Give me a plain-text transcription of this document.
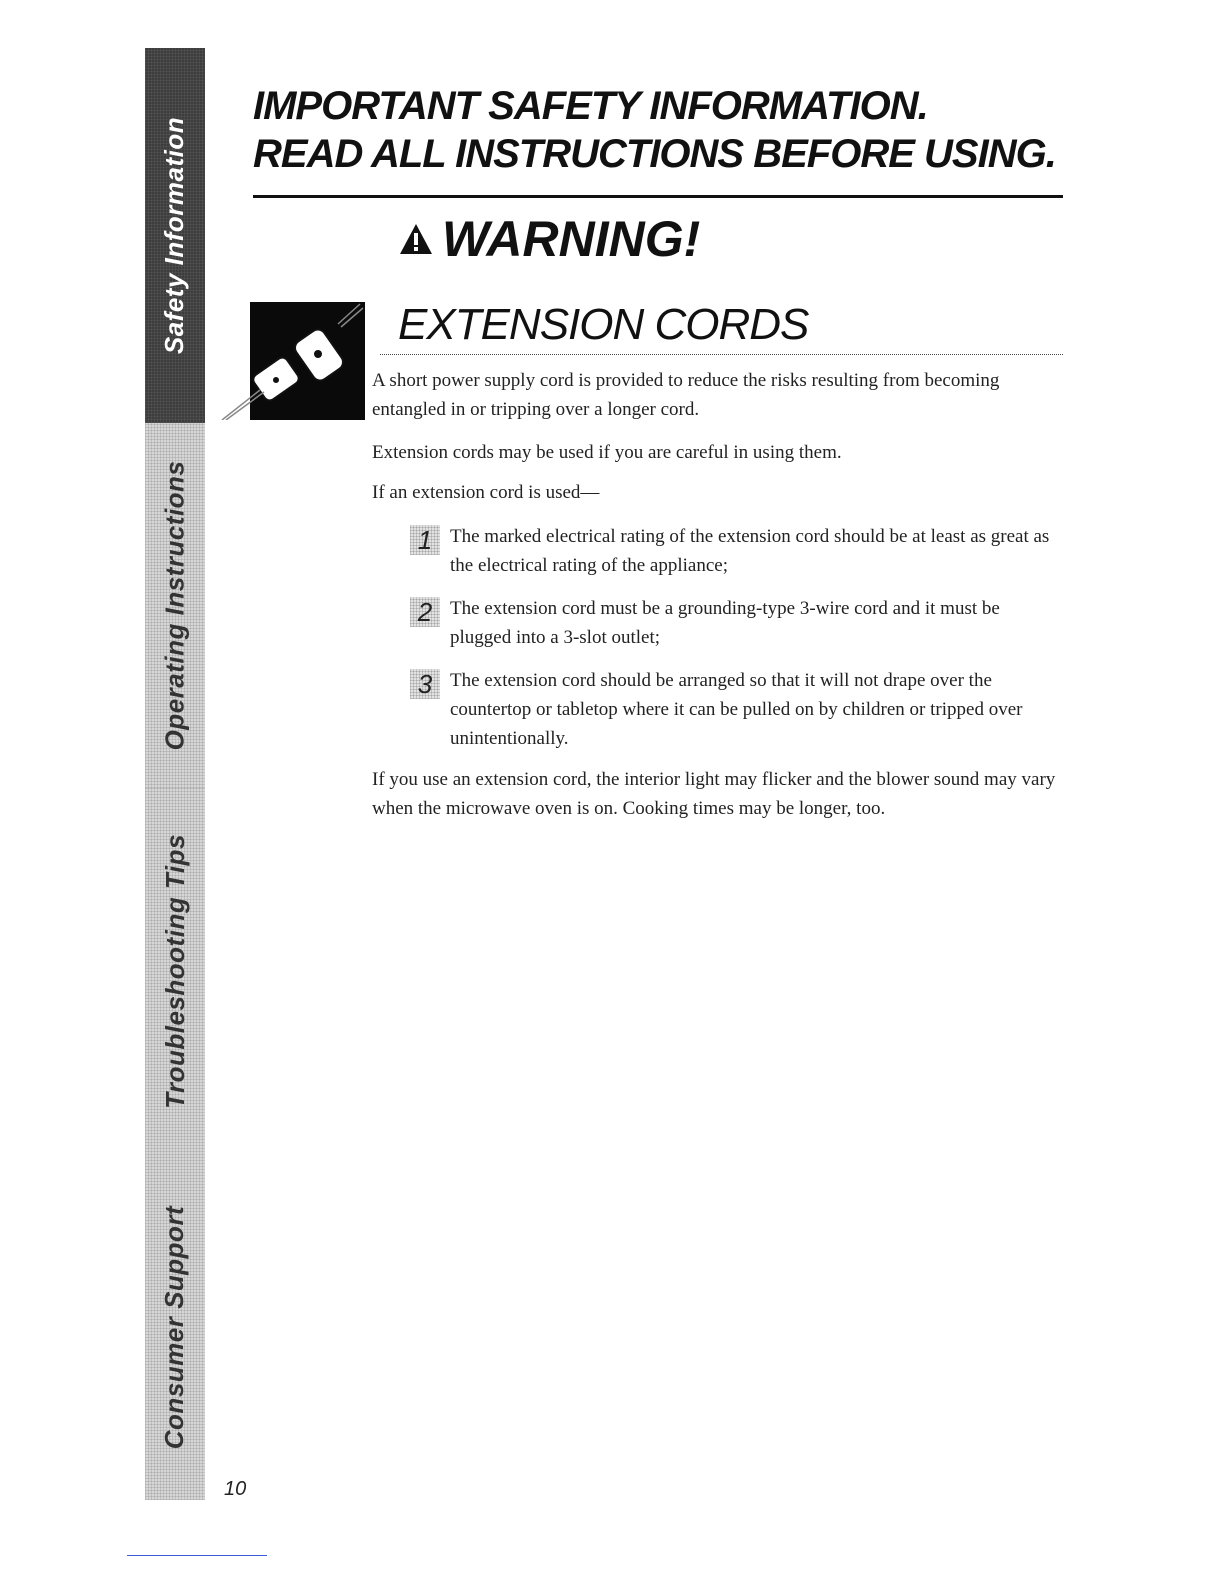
Safety Information
Operating Instructions
Troubleshooting Tips
Consumer Support
IMPORTANT SAFETY INFORMATION.
READ ALL INSTRUCTIONS BEFORE USING.
WARNING!
EXTENSION CORDS

A short power supply cord is provided to reduce the risks resulting from becoming entangled in or tripping over a longer cord.

Extension cords may be used if you are careful in using them.

If an extension cord is used—

1 The marked electrical rating of the extension cord should be at least as great as the electrical rating of the appliance;
2 The extension cord must be a grounding-type 3-wire cord and it must be plugged into a 3-slot outlet;
3 The extension cord should be arranged so that it will not drape over the countertop or tabletop where it can be pulled on by children or tripped over unintentionally.

If you use an extension cord, the interior light may flicker and the blower sound may vary when the microwave oven is on. Cooking times may be longer, too.

10
